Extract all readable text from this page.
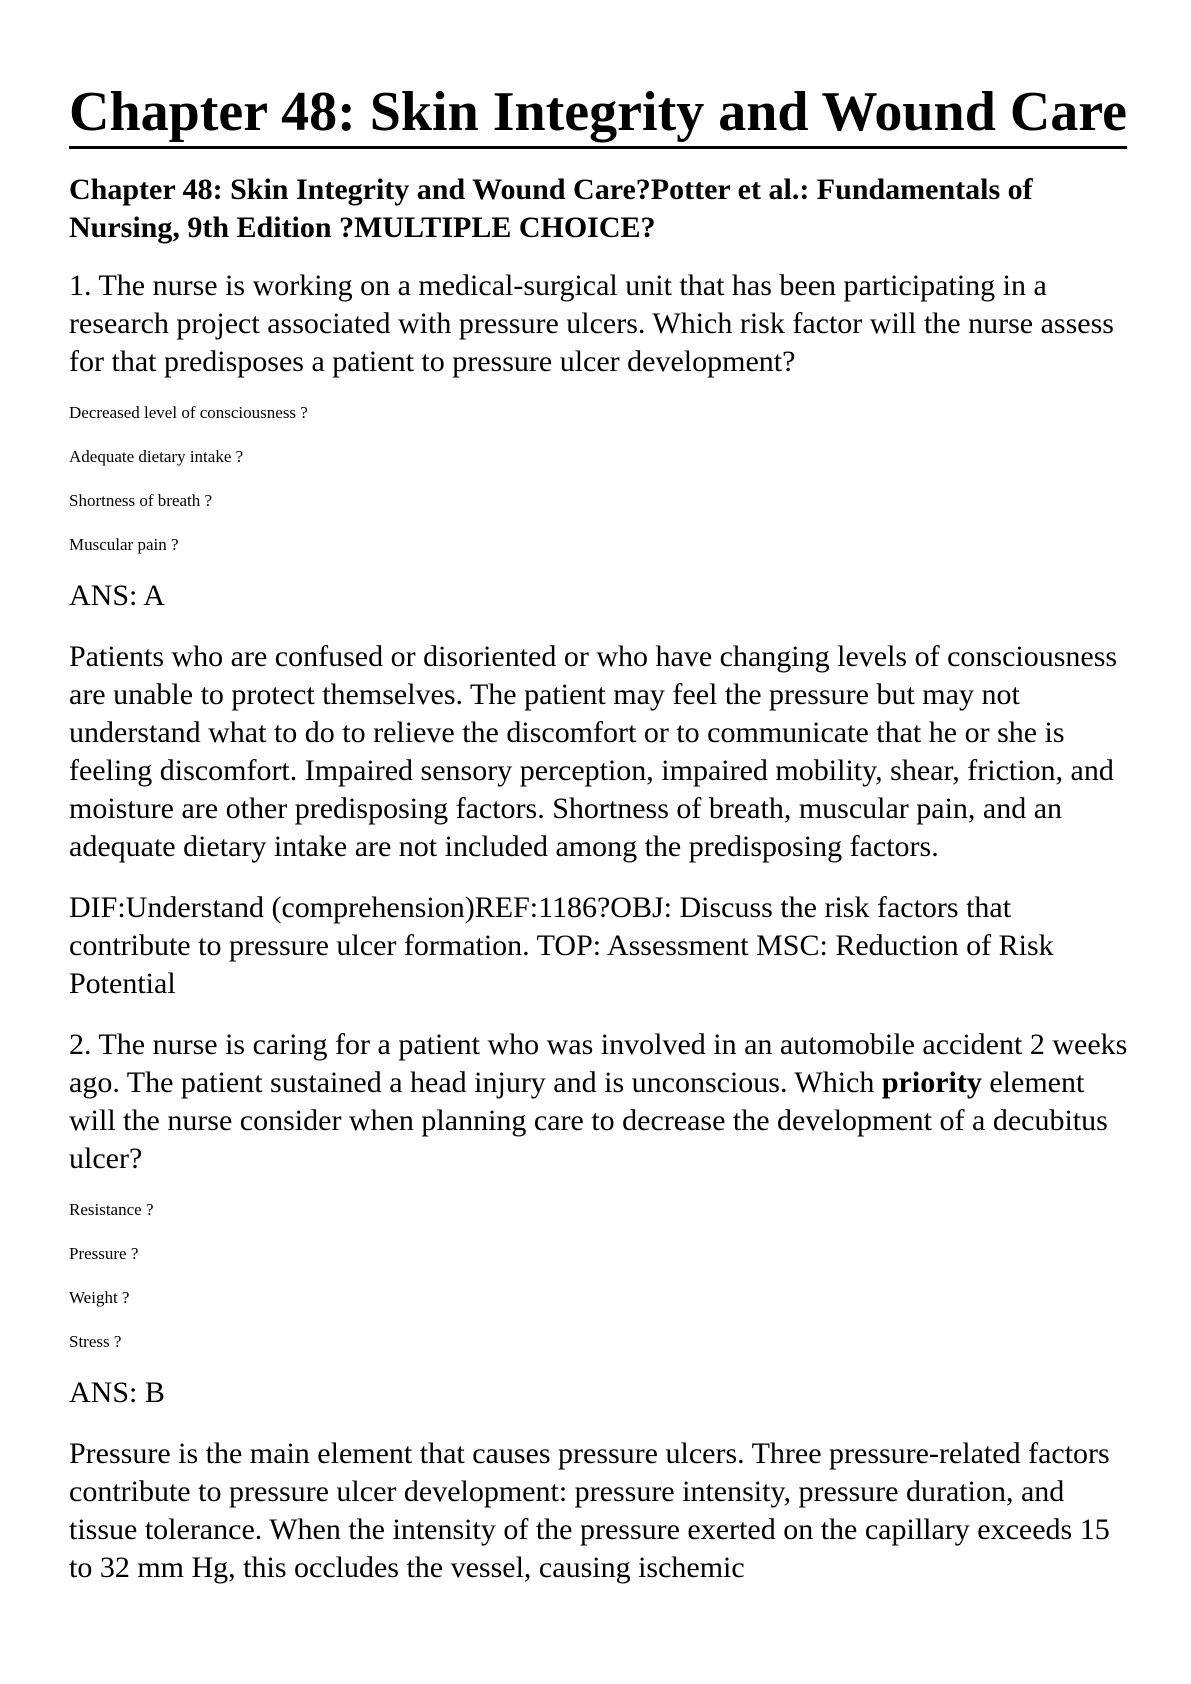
Chapter 48: Skin Integrity and Wound Care

Chapter 48: Skin Integrity and Wound Care?Potter et al.: Fundamentals of Nursing, 9th Edition ?MULTIPLE CHOICE?

1. The nurse is working on a medical-surgical unit that has been participating in a research project associated with pressure ulcers. Which risk factor will the nurse assess for that predisposes a patient to pressure ulcer development?

Decreased level of consciousness ?
Adequate dietary intake ?
Shortness of breath ?
Muscular pain ?

ANS: A

Patients who are confused or disoriented or who have changing levels of consciousness are unable to protect themselves. The patient may feel the pressure but may not understand what to do to relieve the discomfort or to communicate that he or she is feeling discomfort. Impaired sensory perception, impaired mobility, shear, friction, and moisture are other predisposing factors. Shortness of breath, muscular pain, and an adequate dietary intake are not included among the predisposing factors.

DIF:Understand (comprehension)REF:1186?OBJ: Discuss the risk factors that contribute to pressure ulcer formation. TOP: Assessment MSC: Reduction of Risk Potential

2. The nurse is caring for a patient who was involved in an automobile accident 2 weeks ago. The patient sustained a head injury and is unconscious. Which priority element will the nurse consider when planning care to decrease the development of a decubitus ulcer?

Resistance ?
Pressure ?
Weight ?
Stress ?

ANS: B

Pressure is the main element that causes pressure ulcers. Three pressure-related factors contribute to pressure ulcer development: pressure intensity, pressure duration, and tissue tolerance. When the intensity of the pressure exerted on the capillary exceeds 15 to 32 mm Hg, this occludes the vessel, causing ischemic
